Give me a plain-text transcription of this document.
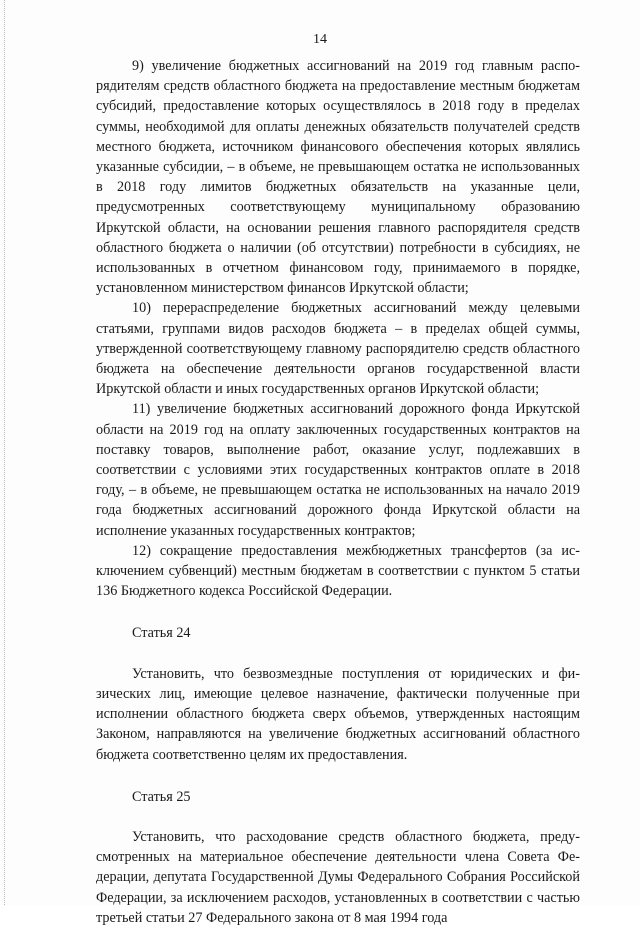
14

9) увеличение бюджетных ассигнований на 2019 год главным распорядителям средств областного бюджета на предоставление местным бюджетам субсидий, предоставление которых осуществлялось в 2018 году в пределах суммы, необходимой для оплаты денежных обязательств получателей средств местного бюджета, источником финансового обеспечения которых являлись указанные субсидии, – в объеме, не превышающем остатка не использованных в 2018 году лимитов бюджетных обязательств на указанные цели, предусмотренных соответствующему муниципальному образованию Иркутской области, на основании решения главного распорядителя средств областного бюджета о наличии (об отсутствии) потребности в субсидиях, не использованных в отчетном финансовом году, принимаемого в порядке, установленном министерством финансов Иркутской области;

10) перераспределение бюджетных ассигнований между целевыми статьями, группами видов расходов бюджета – в пределах общей суммы, утвержденной соответствующему главному распорядителю средств областного бюджета на обеспечение деятельности органов государственной власти Иркутской области и иных государственных органов Иркутской области;

11) увеличение бюджетных ассигнований дорожного фонда Иркутской области на 2019 год на оплату заключенных государственных контрактов на поставку товаров, выполнение работ, оказание услуг, подлежавших в соответствии с условиями этих государственных контрактов оплате в 2018 году, – в объеме, не превышающем остатка не использованных на начало 2019 года бюджетных ассигнований дорожного фонда Иркутской области на исполнение указанных государственных контрактов;

12) сокращение предоставления межбюджетных трансфертов (за исключением субвенций) местным бюджетам в соответствии с пунктом 5 статьи 136 Бюджетного кодекса Российской Федерации.

Статья 24

Установить, что безвозмездные поступления от юридических и физических лиц, имеющие целевое назначение, фактически полученные при исполнении областного бюджета сверх объемов, утвержденных настоящим Законом, направляются на увеличение бюджетных ассигнований областного бюджета соответственно целям их предоставления.

Статья 25

Установить, что расходование средств областного бюджета, предусмотренных на материальное обеспечение деятельности члена Совета Федерации, депутата Государственной Думы Федерального Собрания Российской Федерации, за исключением расходов, установленных в соответствии с частью третьей статьи 27 Федерального закона от 8 мая 1994 года
